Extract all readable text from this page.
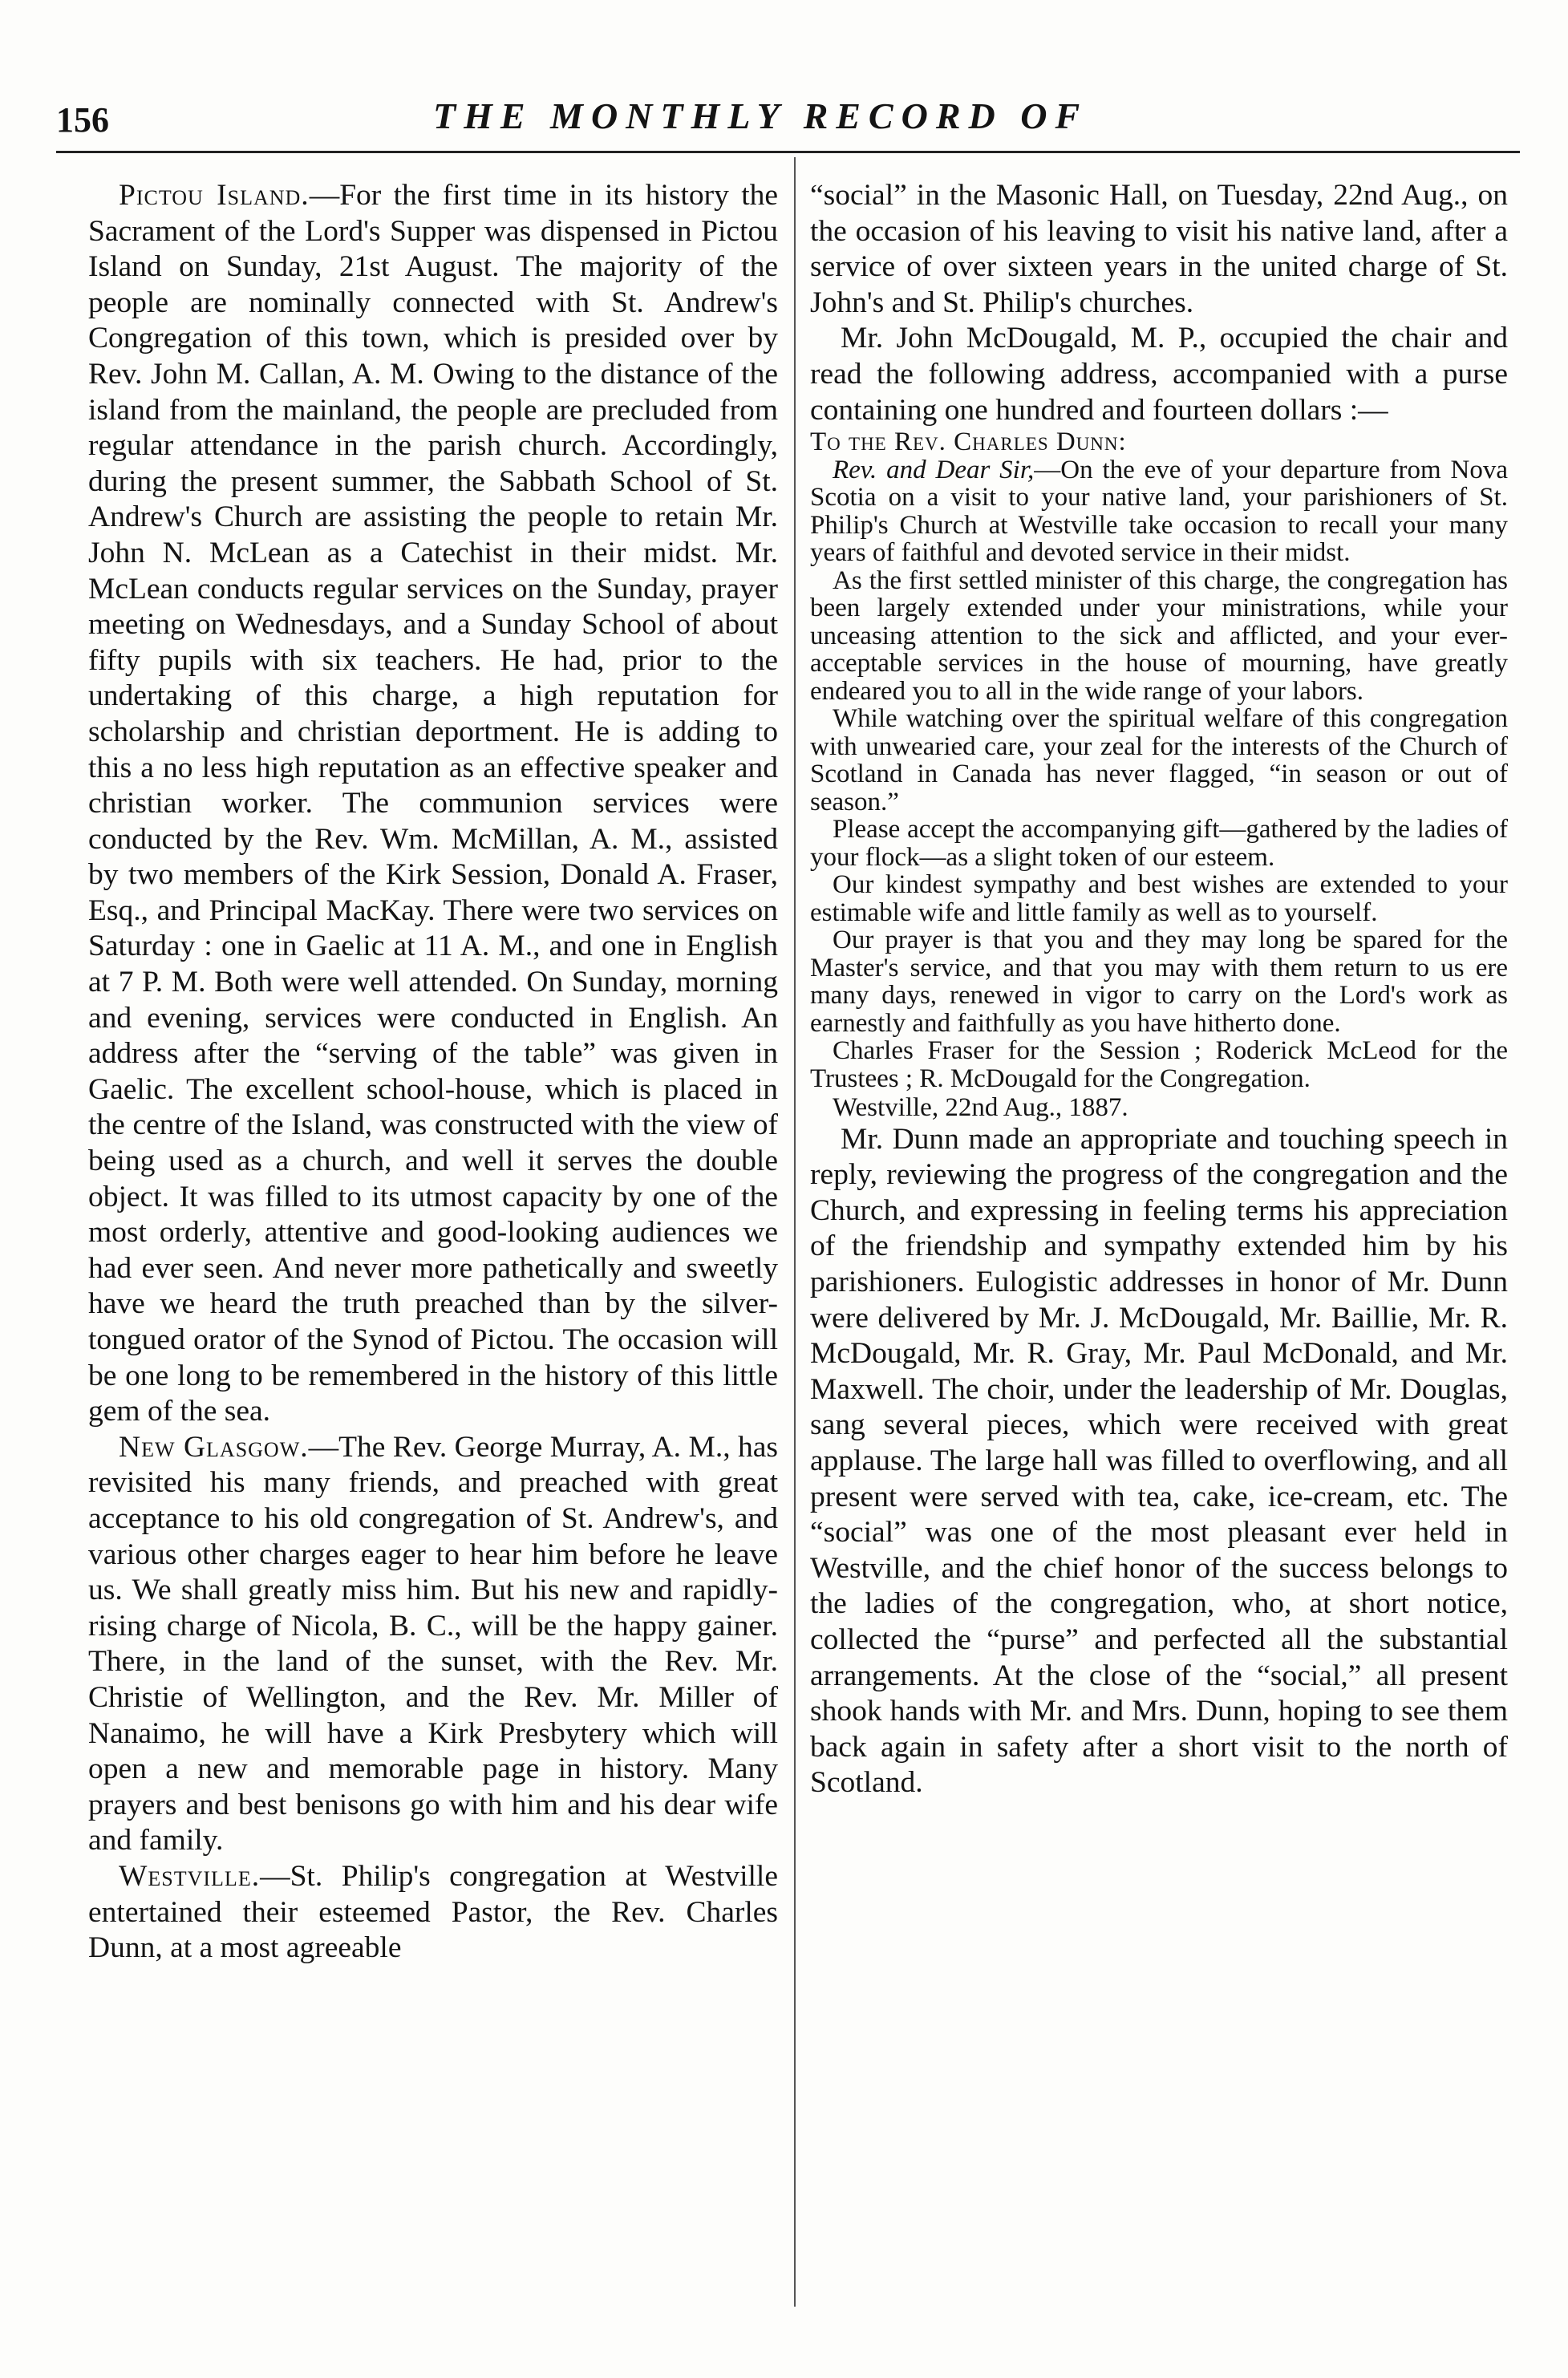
156	THE MONTHLY RECORD OF

Pictou Island.—For the first time in its history the Sacrament of the Lord's Supper was dispensed in Pictou Island on Sunday, 21st August. The majority of the people are nominally connected with St. Andrew's Congregation of this town, which is presided over by Rev. John M. Callan, A. M. Owing to the distance of the island from the mainland, the people are precluded from regular attendance in the parish church. Accordingly, during the present summer, the Sabbath School of St. Andrew's Church are assisting the people to retain Mr. John N. McLean as a Catechist in their midst. Mr. McLean conducts regular services on the Sunday, prayer meeting on Wednesdays, and a Sunday School of about fifty pupils with six teachers. He had, prior to the undertaking of this charge, a high reputation for scholarship and christian deportment. He is adding to this a no less high reputation as an effective speaker and christian worker. The communion services were conducted by the Rev. Wm. McMillan, A. M., assisted by two members of the Kirk Session, Donald A. Fraser, Esq., and Principal MacKay. There were two services on Saturday : one in Gaelic at 11 A. M., and one in English at 7 P. M. Both were well attended. On Sunday, morning and evening, services were conducted in English. An address after the “serving of the table” was given in Gaelic. The excellent school-house, which is placed in the centre of the Island, was constructed with the view of being used as a church, and well it serves the double object. It was filled to its utmost capacity by one of the most orderly, attentive and good-looking audiences we had ever seen. And never more pathetically and sweetly have we heard the truth preached than by the silver-tongued orator of the Synod of Pictou. The occasion will be one long to be remembered in the history of this little gem of the sea.

New Glasgow.—The Rev. George Murray, A. M., has revisited his many friends, and preached with great acceptance to his old congregation of St. Andrew's, and various other charges eager to hear him before he leave us. We shall greatly miss him. But his new and rapidly-rising charge of Nicola, B. C., will be the happy gainer. There, in the land of the sunset, with the Rev. Mr. Christie of Wellington, and the Rev. Mr. Miller of Nanaimo, he will have a Kirk Presbytery which will open a new and memorable page in history. Many prayers and best benisons go with him and his dear wife and family.

Westville.—St. Philip's congregation at Westville entertained their esteemed Pastor, the Rev. Charles Dunn, at a most agreeable

“social” in the Masonic Hall, on Tuesday, 22nd Aug., on the occasion of his leaving to visit his native land, after a service of over sixteen years in the united charge of St. John's and St. Philip's churches.

Mr. John McDougald, M. P., occupied the chair and read the following address, accompanied with a purse containing one hundred and fourteen dollars :—

To the Rev. Charles Dunn:

Rev. and Dear Sir,—On the eve of your departure from Nova Scotia on a visit to your native land, your parishioners of St. Philip's Church at Westville take occasion to recall your many years of faithful and devoted service in their midst.

As the first settled minister of this charge, the congregation has been largely extended under your ministrations, while your unceasing attention to the sick and afflicted, and your ever-acceptable services in the house of mourning, have greatly endeared you to all in the wide range of your labors.

While watching over the spiritual welfare of this congregation with unwearied care, your zeal for the interests of the Church of Scotland in Canada has never flagged, “in season or out of season.”

Please accept the accompanying gift—gathered by the ladies of your flock—as a slight token of our esteem.

Our kindest sympathy and best wishes are extended to your estimable wife and little family as well as to yourself.

Our prayer is that you and they may long be spared for the Master's service, and that you may with them return to us ere many days, renewed in vigor to carry on the Lord's work as earnestly and faithfully as you have hitherto done.

Charles Fraser for the Session ; Roderick McLeod for the Trustees ; R. McDougald for the Congregation.

Westville, 22nd Aug., 1887.

Mr. Dunn made an appropriate and touching speech in reply, reviewing the progress of the congregation and the Church, and expressing in feeling terms his appreciation of the friendship and sympathy extended him by his parishioners. Eulogistic addresses in honor of Mr. Dunn were delivered by Mr. J. McDougald, Mr. Baillie, Mr. R. McDougald, Mr. R. Gray, Mr. Paul McDonald, and Mr. Maxwell. The choir, under the leadership of Mr. Douglas, sang several pieces, which were received with great applause. The large hall was filled to overflowing, and all present were served with tea, cake, ice-cream, etc. The “social” was one of the most pleasant ever held in Westville, and the chief honor of the success belongs to the ladies of the congregation, who, at short notice, collected the “purse” and perfected all the substantial arrangements. At the close of the “social,” all present shook hands with Mr. and Mrs. Dunn, hoping to see them back again in safety after a short visit to the north of Scotland.
